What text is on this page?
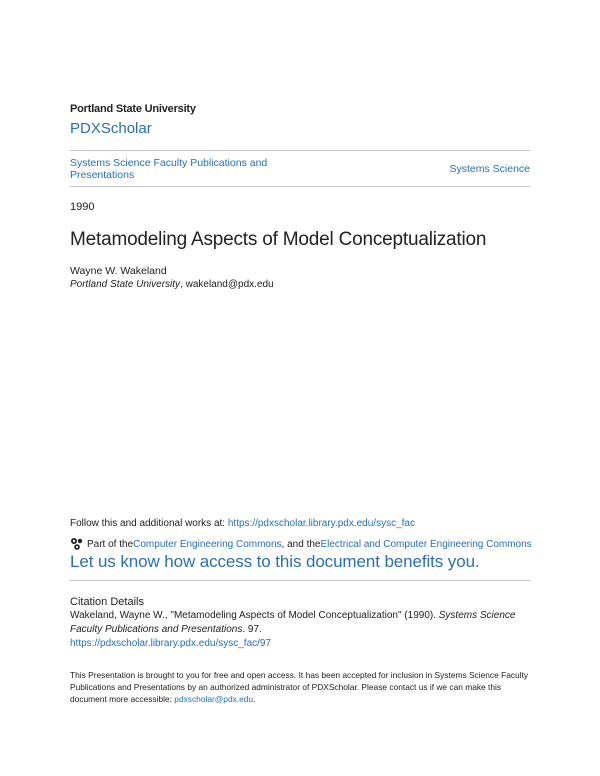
Portland State University
PDXScholar
Systems Science Faculty Publications and Presentations	Systems Science
1990
Metamodeling Aspects of Model Conceptualization
Wayne W. Wakeland
Portland State University, wakeland@pdx.edu
Follow this and additional works at: https://pdxscholar.library.pdx.edu/sysc_fac
Part of the Computer Engineering Commons , and the Electrical and Computer Engineering Commons
Let us know how access to this document benefits you.
Citation Details
Wakeland, Wayne W., "Metamodeling Aspects of Model Conceptualization" (1990). Systems Science Faculty Publications and Presentations. 97.
https://pdxscholar.library.pdx.edu/sysc_fac/97
This Presentation is brought to you for free and open access. It has been accepted for inclusion in Systems Science Faculty Publications and Presentations by an authorized administrator of PDXScholar. Please contact us if we can make this document more accessible: pdxscholar@pdx.edu.
